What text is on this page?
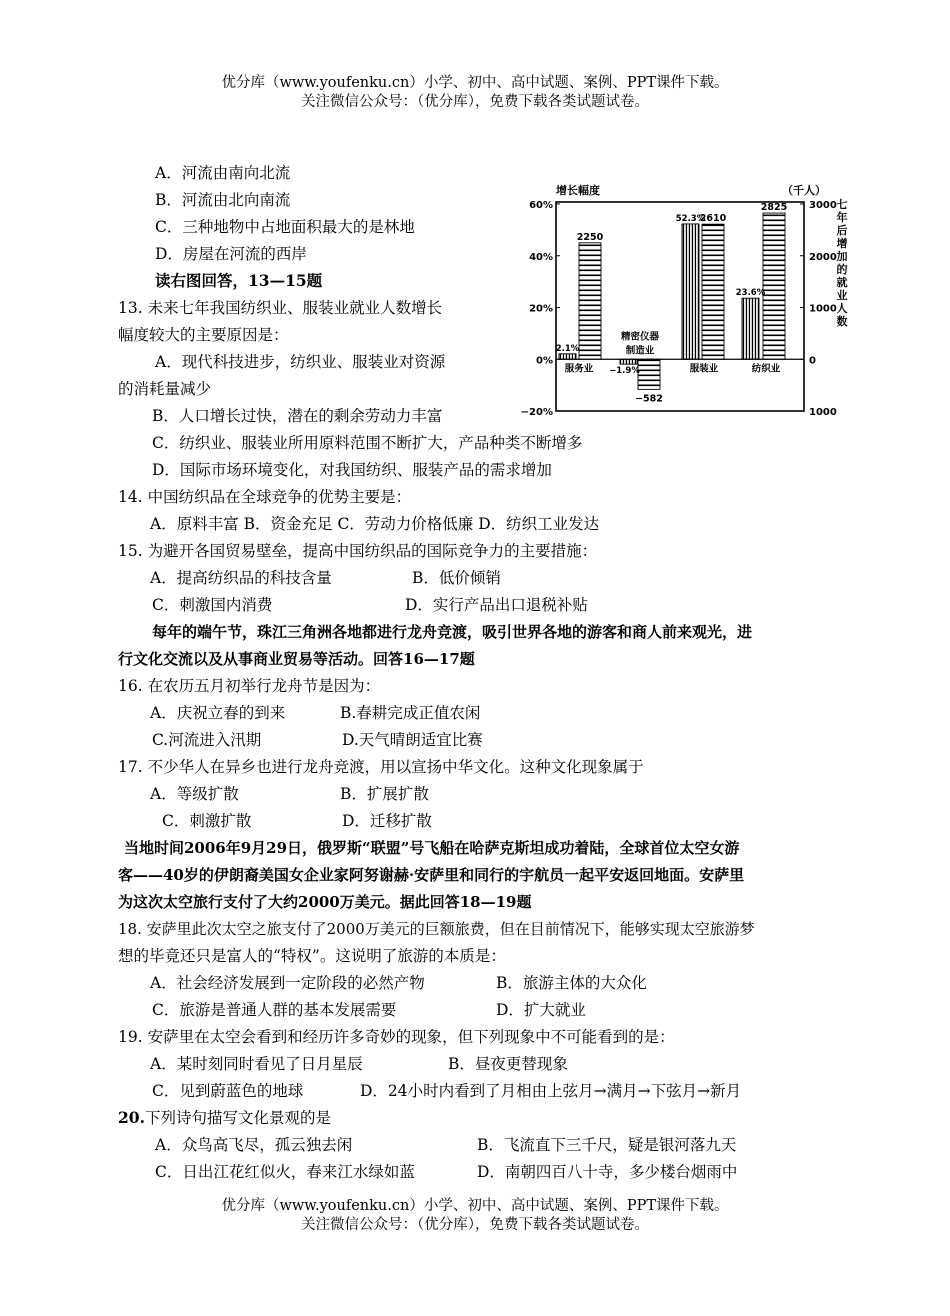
优分库（www.youfenku.cn）小学、初中、高中试题、案例、PPT课件下载。
关注微信公众号：（优分库），免费下载各类试题试卷。
A．河流由南向北流
B．河流由北向南流
C．三种地物中占地面积最大的是林地
D．房屋在河流的西岸
读右图回答，13—15题
13. 未来七年我国纺织业、服装业就业人数增长
幅度较大的主要原因是：
A．现代科技进步，纺织业、服装业对资源
的消耗量减少
B．人口增长过快，潜在的剩余劳动力丰富
C．纺织业、服装业所用原料范围不断扩大，产品种类不断增多
D．国际市场环境变化，对我国纺织、服装产品的需求增加
14. 中国纺织品在全球竞争的优势主要是：
A．原料丰富 B．资金充足 C．劳动力价格低廉 D．纺织工业发达
15. 为避开各国贸易壁垒，提高中国纺织品的国际竞争力的主要措施：
A．提高纺织品的科技含量	B．低价倾销
C．刺激国内消费	D．实行产品出口退税补贴
每年的端午节，珠江三角洲各地都进行龙舟竞渡，吸引世界各地的游客和商人前来观光，进
行文化交流以及从事商业贸易等活动。回答16—17题
16. 在农历五月初举行龙舟节是因为：
A．庆祝立春的到来	B.春耕完成正值农闲
C.河流进入汛期	D.天气晴朗适宜比赛
17. 不少华人在异乡也进行龙舟竞渡，用以宣扬中华文化。这种文化现象属于
A．等级扩散	B．扩展扩散
C．刺激扩散	D．迁移扩散
当地时间2006年9月29日，俄罗斯“联盟”号飞船在哈萨克斯坦成功着陆，全球首位太空女游
客——40岁的伊朗裔美国女企业家阿努谢赫·安萨里和同行的宇航员一起平安返回地面。安萨里
为这次太空旅行支付了大约2000万美元。据此回答18—19题
18. 安萨里此次太空之旅支付了2000万美元的巨额旅费，但在目前情况下，能够实现太空旅游梦
想的毕竟还只是富人的“特权”。这说明了旅游的本质是：
A．社会经济发展到一定阶段的必然产物	B．旅游主体的大众化
C．旅游是普通人群的基本发展需要	D．扩大就业
19. 安萨里在太空会看到和经历许多奇妙的现象，但下列现象中不可能看到的是：
A．某时刻同时看见了日月星辰	B．昼夜更替现象
C．见到蔚蓝色的地球	D．24小时内看到了月相由上弦月→满月→下弦月→新月
20.下列诗句描写文化景观的是
A．众鸟高飞尽，孤云独去闲	B．飞流直下三千尺，疑是银河落九天
C．日出江花红似火，春来江水绿如蓝	D．南朝四百八十寺，多少楼台烟雨中
优分库（www.youfenku.cn）小学、初中、高中试题、案例、PPT课件下载。
关注微信公众号：（优分库），免费下载各类试题试卷。
增长幅度	（千人）
60%
40%
20%
0%
−20%
3000
2000
1000
0
1000
2.1%
2250
−1.9%
−582
52.3%
2610
23.6%
2825
服务业	服装业	纺织业
精密仪器
制造业
七年后增加的就业人数
